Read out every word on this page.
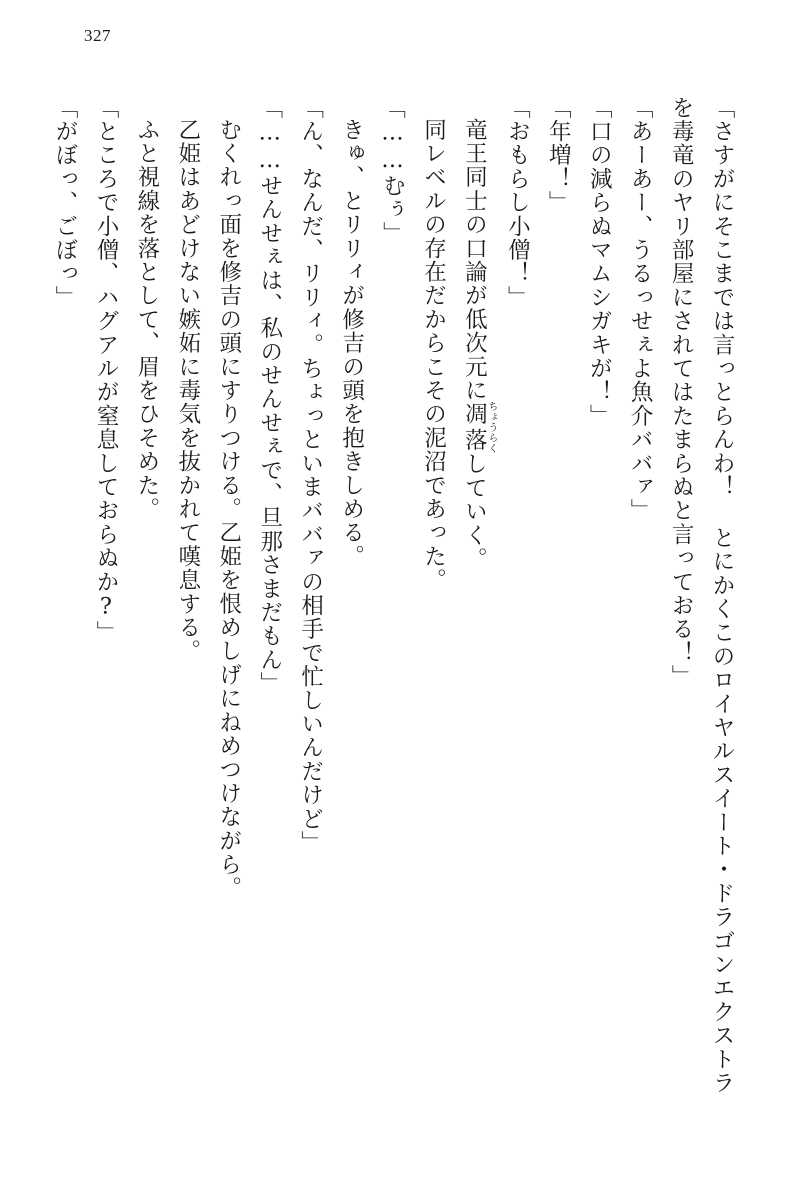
327

「さすがにそこまでは言っとらんわ！ とにかくこのロイヤルスイート・ドラゴンエクストラを毒竜のヤリ部屋にされてはたまらぬと言っておる！」

「あーあー、うるっせぇよ魚介ババァ」

「口の減らぬマムシガキが！」

「年増！」

「おもらし小僧！」

竜王同士の口論が低次元に凋落ちょうらくしていく。

同レベルの存在だからこその泥沼であった。

「……むぅ」

きゅ、とリリィが修吉の頭を抱きしめる。

「ん、なんだ、リリィ。ちょっといまババァの相手で忙しいんだけど」

「……せんせぇは、私のせんせぇで、旦那さまだもん」

むくれっ面を修吉の頭にすりつける。乙姫を恨めしげにねめつけながら。

乙姫はあどけない嫉妬に毒気を抜かれて嘆息する。

ふと視線を落として、眉をひそめた。

「ところで小僧、ハグアルが窒息しておらぬか?」

「がぼっ、ごぼっ」
